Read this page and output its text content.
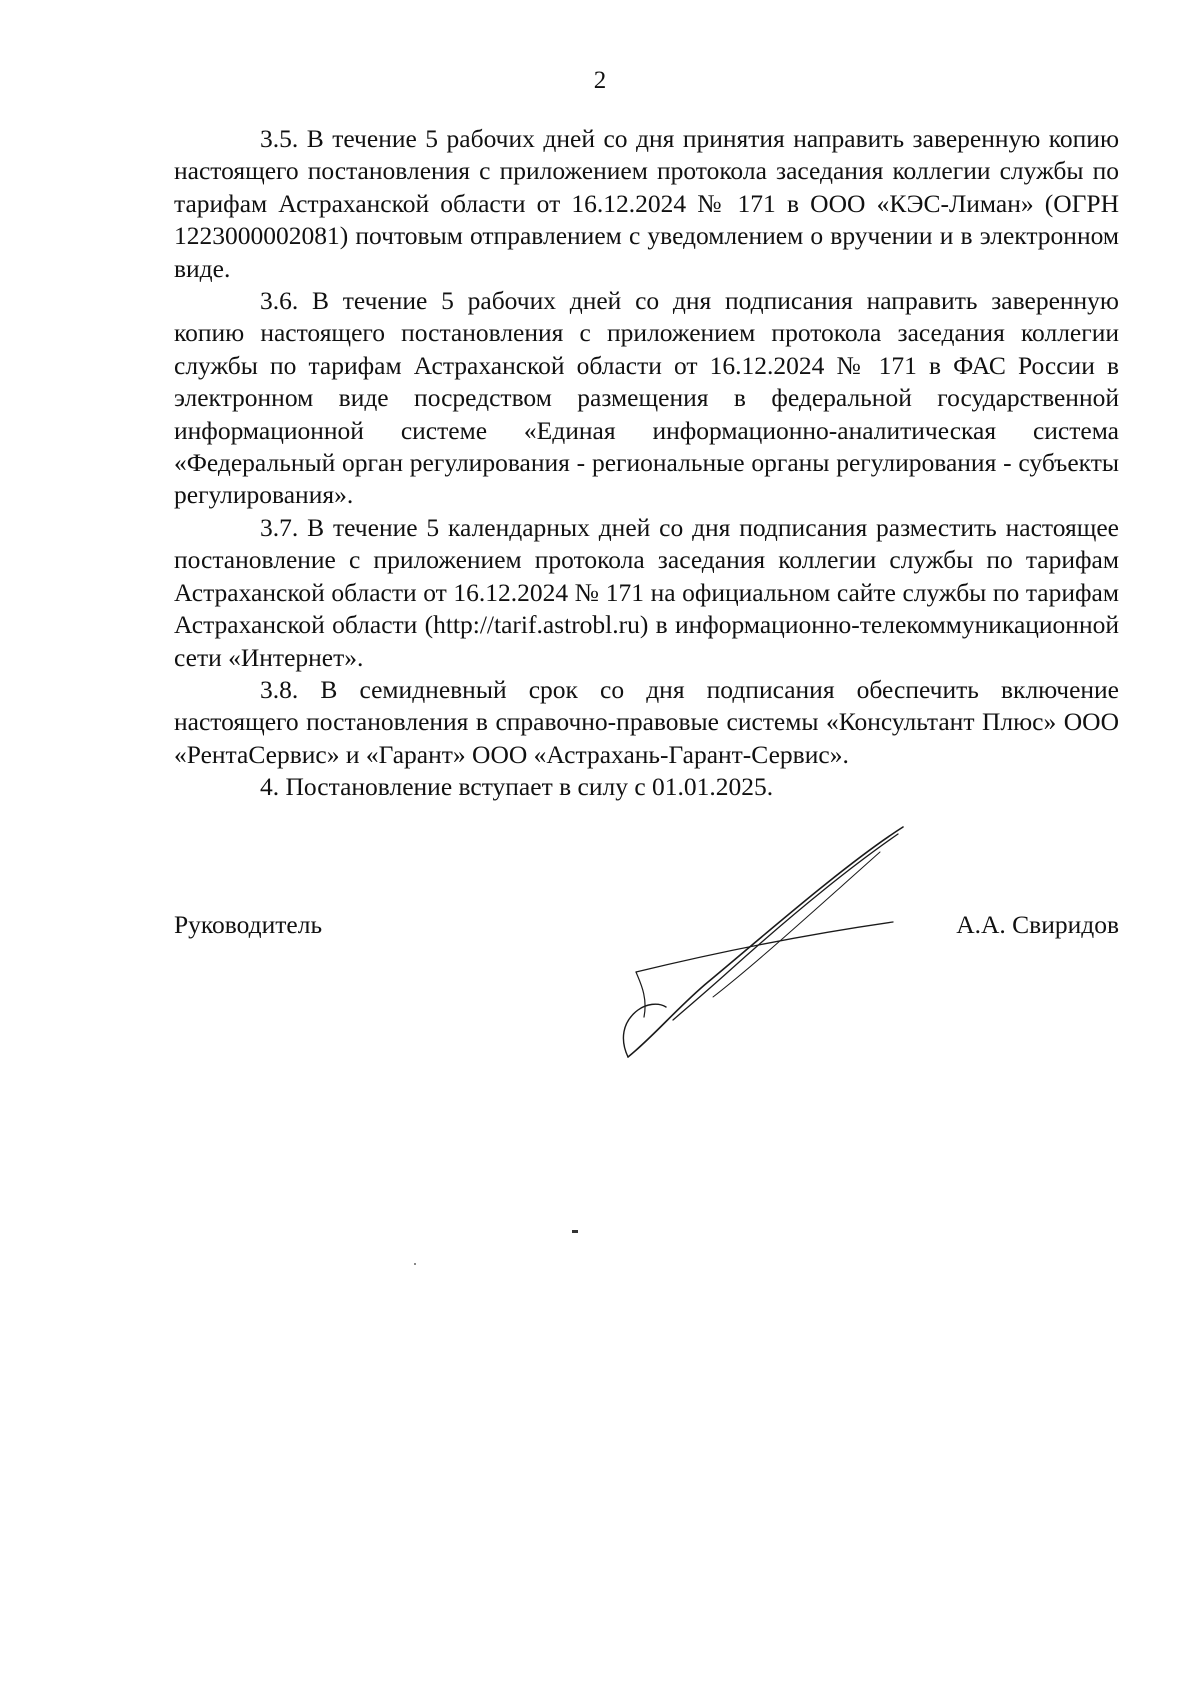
2

3.5. В течение 5 рабочих дней со дня принятия направить заверенную копию настоящего постановления с приложением протокола заседания коллегии службы по тарифам Астраханской области от 16.12.2024 № 171 в ООО «КЭС-Лиман» (ОГРН 1223000002081) почтовым отправлением с уведомлением о вручении и в электронном виде.

3.6. В течение 5 рабочих дней со дня подписания направить заверенную копию настоящего постановления с приложением протокола заседания коллегии службы по тарифам Астраханской области от 16.12.2024 № 171 в ФАС России в электронном виде посредством размещения в федеральной государственной информационной системе «Единая информационно-аналитическая система «Федеральный орган регулирования - региональные органы регулирования - субъекты регулирования».

3.7. В течение 5 календарных дней со дня подписания разместить настоящее постановление с приложением протокола заседания коллегии службы по тарифам Астраханской области от 16.12.2024 № 171 на официальном сайте службы по тарифам Астраханской области (http://tarif.astrobl.ru) в информационно-телекоммуникационной сети «Интернет».

3.8. В семидневный срок со дня подписания обеспечить включение настоящего постановления в справочно-правовые системы «Консультант Плюс» ООО «РентаСервис» и «Гарант» ООО «Астрахань-Гарант-Сервис».

4. Постановление вступает в силу с 01.01.2025.

Руководитель	А.А. Свиридов
